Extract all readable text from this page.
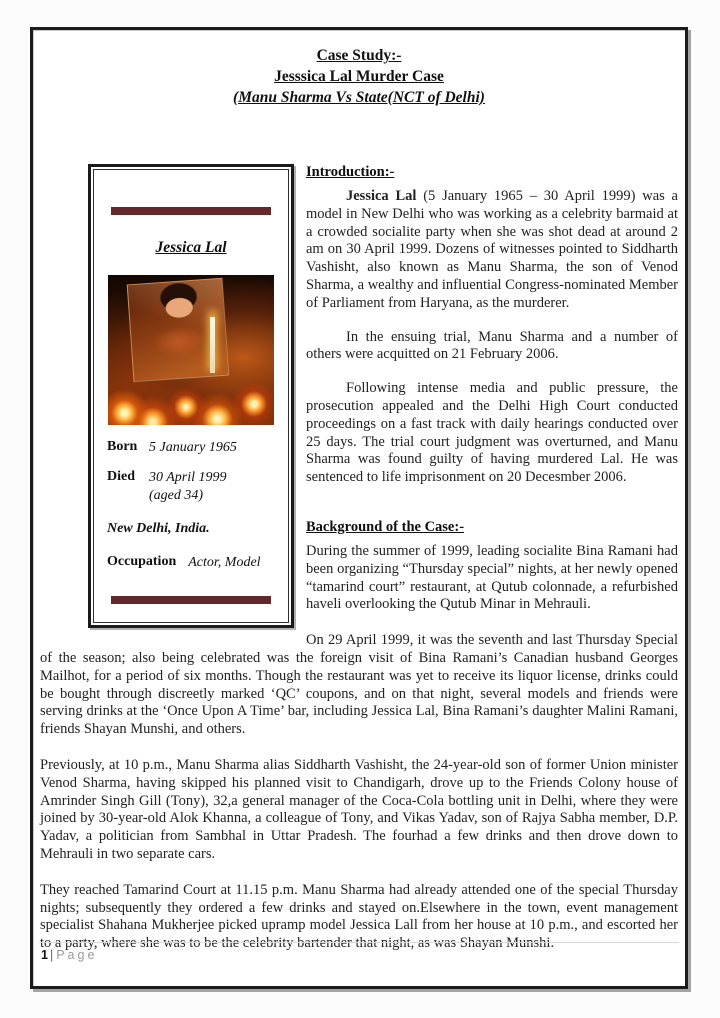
Case Study:-
Jesssica Lal Murder Case
(Manu Sharma Vs State(NCT of Delhi)
Jessica Lal
Born 5 January 1965
Died	30 April 1999
(aged 34)
New Delhi, India.
Occupation Actor, Model
Introduction:-

Jessica Lal (5 January 1965 – 30 April 1999) was a model in New Delhi who was working as a celebrity barmaid at a crowded socialite party when she was shot dead at around 2 am on 30 April 1999. Dozens of witnesses pointed to Siddharth Vashisht, also known as Manu Sharma, the son of Venod Sharma, a wealthy and influential Congress-nominated Member of Parliament from Haryana, as the murderer.

In the ensuing trial, Manu Sharma and a number of others were acquitted on 21 February 2006.

Following intense media and public pressure, the prosecution appealed and the Delhi High Court conducted proceedings on a fast track with daily hearings conducted over 25 days. The trial court judgment was overturned, and Manu Sharma was found guilty of having murdered Lal. He was sentenced to life imprisonment on 20 Decesmber 2006.

Background of the Case:-

During the summer of 1999, leading socialite Bina Ramani had been organizing “Thursday special” nights, at her newly opened “tamarind court” restaurant, at Qutub colonnade, a refurbished haveli overlooking the Qutub Minar in Mehrauli.

On 29 April 1999, it was the seventh and last Thursday Special of the season; also being celebrated was the foreign visit of Bina Ramani’s Canadian husband Georges Mailhot, for a period of six months. Though the restaurant was yet to receive its liquor license, drinks could be bought through discreetly marked ‘QC’ coupons, and on that night, several models and friends were serving drinks at the ‘Once Upon A Time’ bar, including Jessica Lal, Bina Ramani’s daughter Malini Ramani, friends Shayan Munshi, and others.

Previously, at 10 p.m., Manu Sharma alias Siddharth Vashisht, the 24-year-old son of former Union minister Venod Sharma, having skipped his planned visit to Chandigarh, drove up to the Friends Colony house of Amrinder Singh Gill (Tony), 32,a general manager of the Coca-Cola bottling unit in Delhi, where they were joined by 30-year-old Alok Khanna, a colleague of Tony, and Vikas Yadav, son of Rajya Sabha member, D.P. Yadav, a politician from Sambhal in Uttar Pradesh. The fourhad a few drinks and then drove down to Mehrauli in two separate cars.

They reached Tamarind Court at 11.15 p.m. Manu Sharma had already attended one of the special Thursday nights; subsequently they ordered a few drinks and stayed on.Elsewhere in the town, event management specialist Shahana Mukherjee picked upramp model Jessica Lall from her house at 10 p.m., and escorted her to a party, where she was to be the celebrity bartender that night, as was Shayan Munshi.

1 | Page
